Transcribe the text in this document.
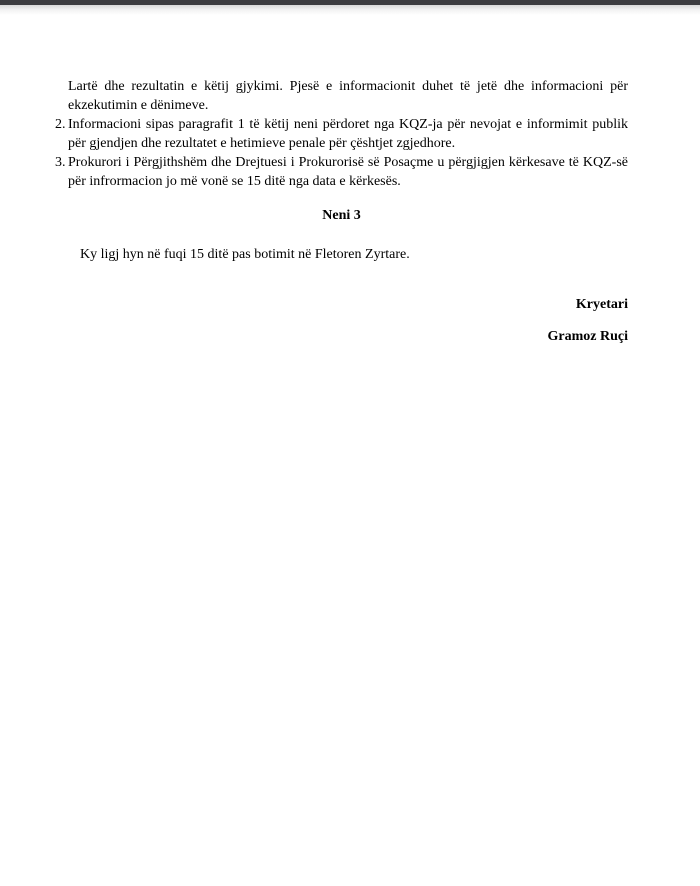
Lartë dhe rezultatin e këtij gjykimi. Pjesë e informacionit duhet të jetë dhe informacioni për ekzekutimin e dënimeve.
2. Informacioni sipas paragrafit 1 të këtij neni përdoret nga KQZ-ja për nevojat e informimit publik për gjendjen dhe rezultatet e hetimieve penale për çështjet zgjedhore.
3. Prokurori i Përgjithshëm dhe Drejtuesi i Prokurorisë së Posaçme u përgjigjen kërkesave të KQZ-së për infrormacion jo më vonë se 15 ditë nga data e kërkesës.
Neni 3

Ky ligj hyn në fuqi 15 ditë pas botimit në Fletoren Zyrtare.

Kryetari
Gramoz Ruçi
